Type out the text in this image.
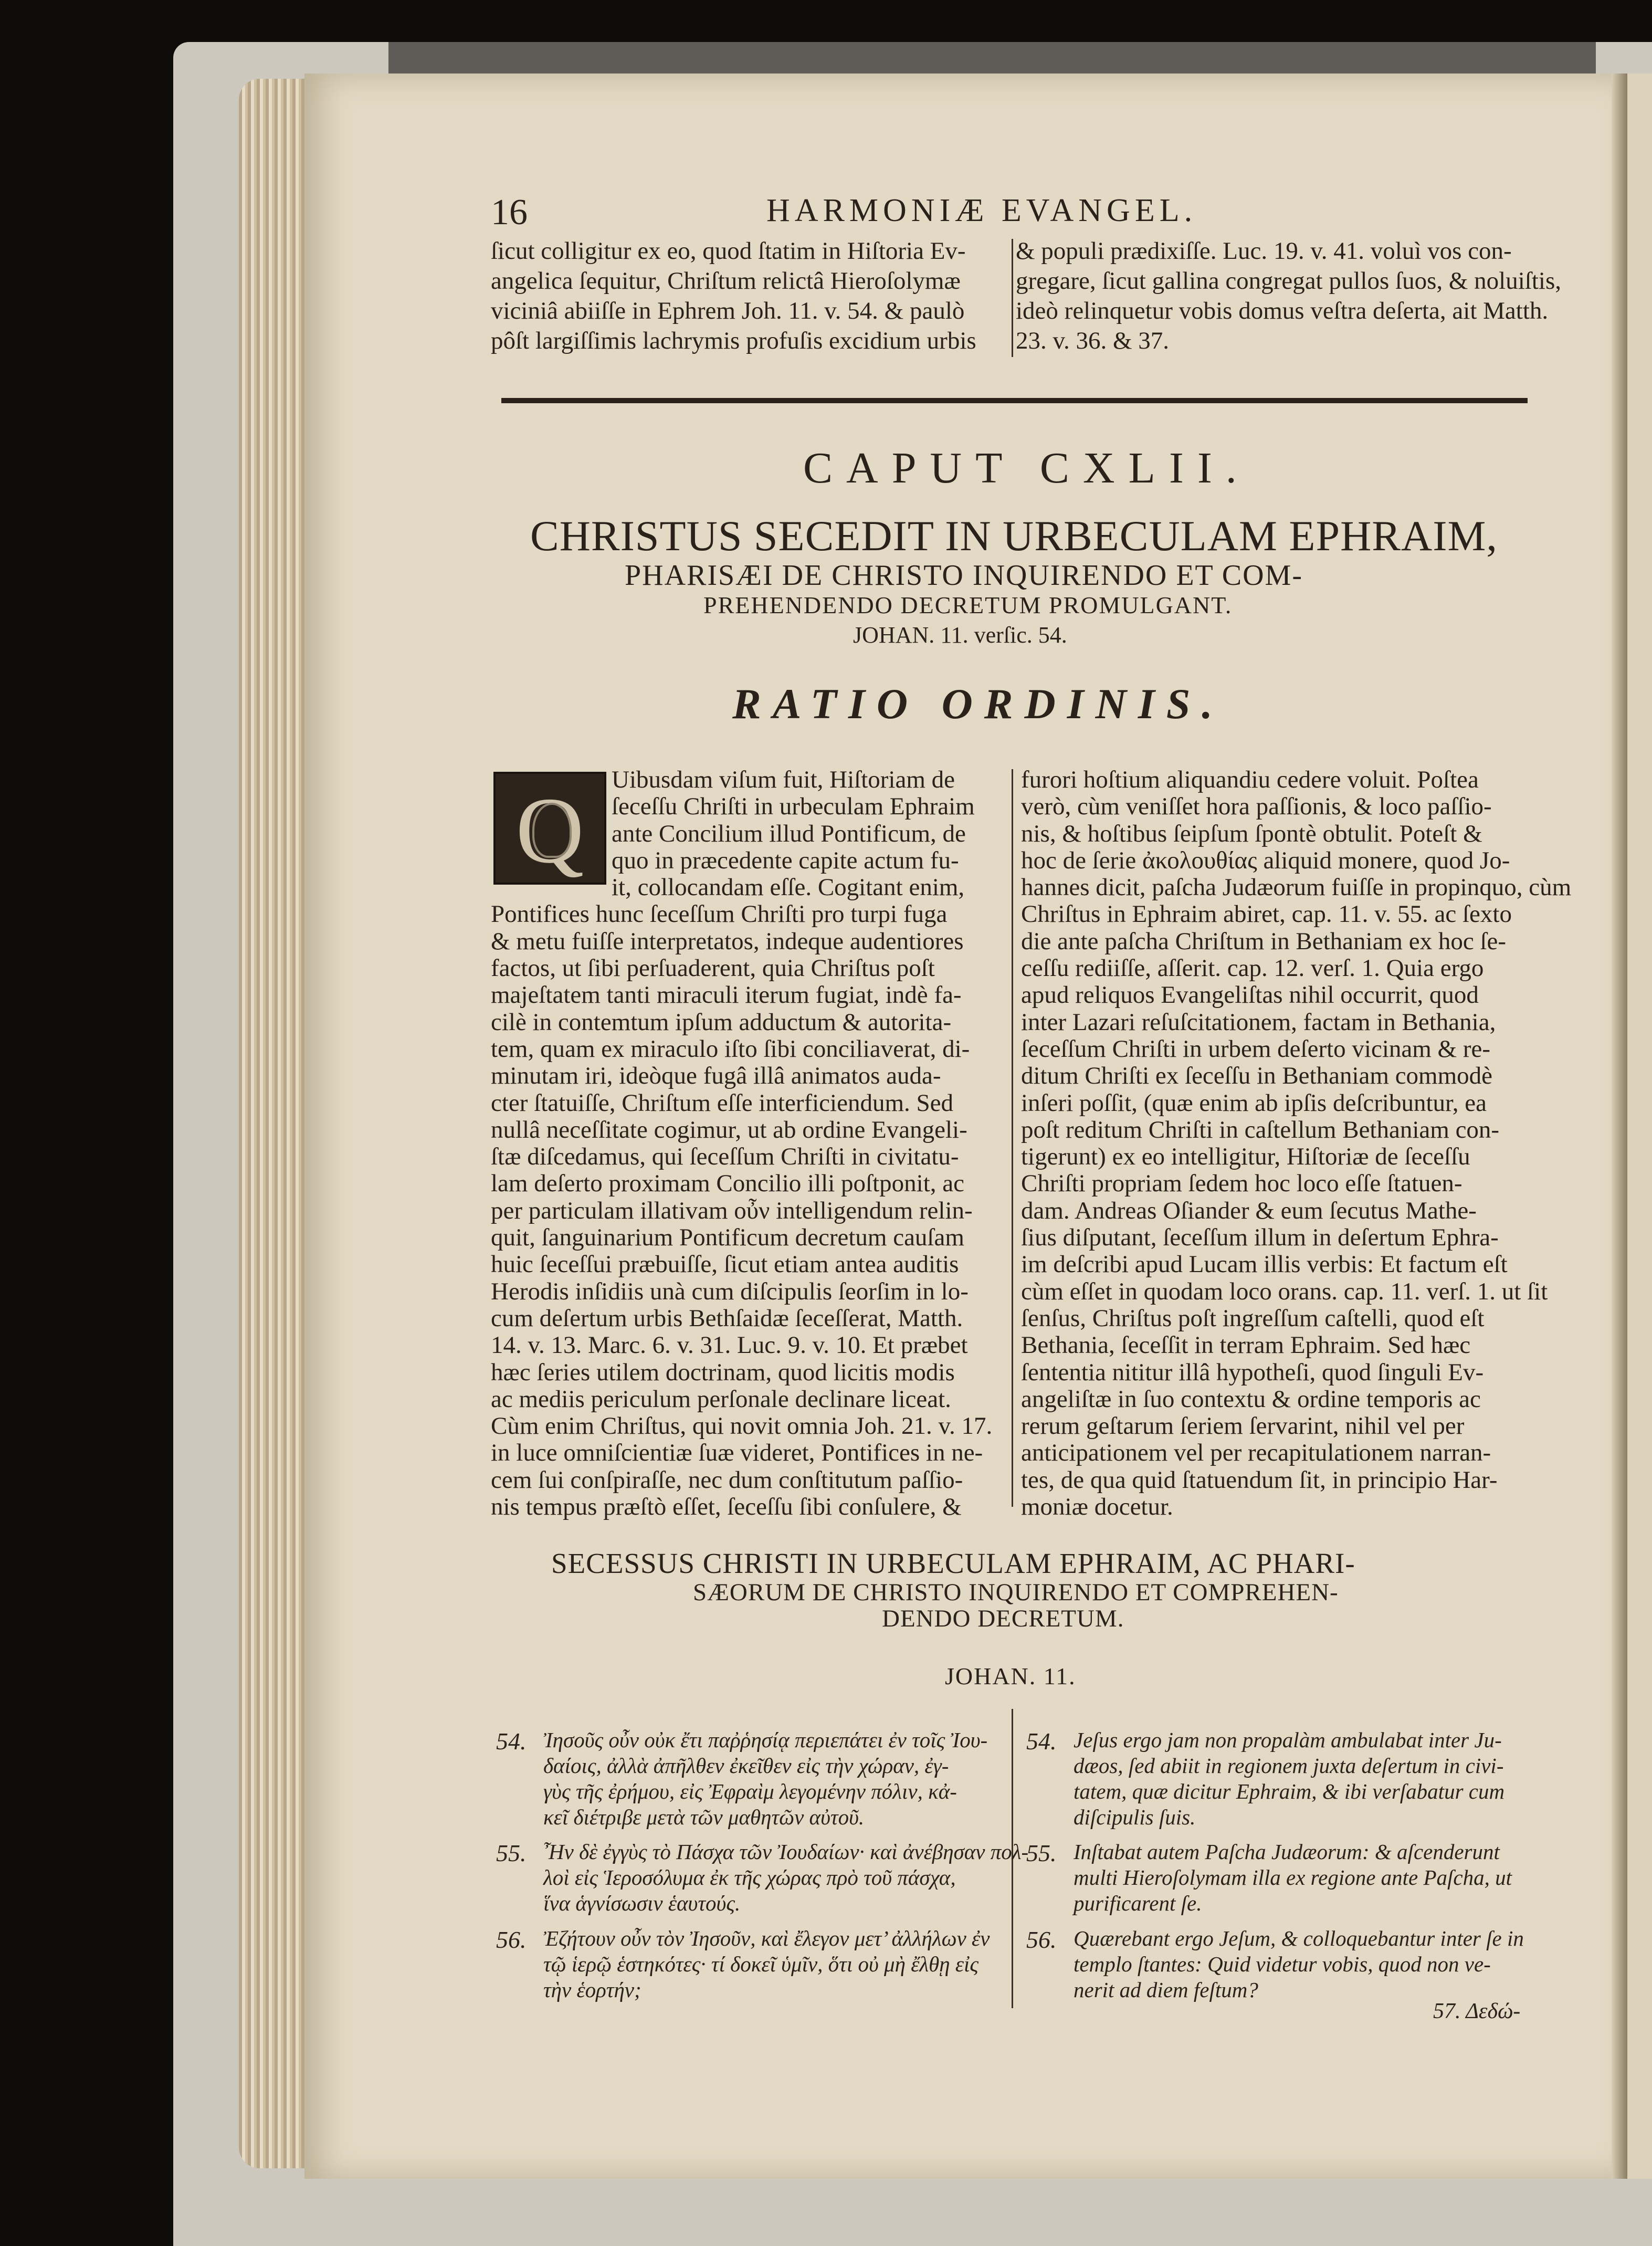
16	HARMONIÆ EVANGEL.
ſicut colligitur ex eo, quod ſtatim in Hiſtoria Ev-
angelica ſequitur, Chriſtum relictâ Hieroſolymæ
viciniâ abiiſſe in Ephrem Joh. 11. v. 54. & paulò
pôſt largiſſimis lachrymis profuſis excidium urbis
& populi prædixiſſe. Luc. 19. v. 41. voluì vos con-
gregare, ſicut gallina congregat pullos ſuos, & noluiſtis,
ideò relinquetur vobis domus veſtra deſerta, ait Matth.
23. v. 36. & 37.
CAPUT CXLII.
CHRISTUS SECEDIT IN URBECULAM EPHRAIM,
PHARISÆI DE CHRISTO INQUIRENDO ET COM-
PREHENDENDO DECRETUM PROMULGANT.
JOHAN. 11. verſic. 54.
RATIO ORDINIS.
Q	Uibusdam viſum fuit, Hiſtoriam de
ſeceſſu Chriſti in urbeculam Ephraim
ante Concilium illud Pontificum, de
quo in præcedente capite actum fu-
it, collocandam eſſe. Cogitant enim,
Pontifices hunc ſeceſſum Chriſti pro turpi fuga
& metu fuiſſe interpretatos, indeque audentiores
factos, ut ſibi perſuaderent, quia Chriſtus poſt
majeſtatem tanti miraculi iterum fugiat, indè fa-
cilè in contemtum ipſum adductum & autorita-
tem, quam ex miraculo iſto ſibi conciliaverat, di-
minutam iri, ideòque fugâ illâ animatos auda-
cter ſtatuiſſe, Chriſtum eſſe interficiendum. Sed
nullâ neceſſitate cogimur, ut ab ordine Evangeli-
ſtæ diſcedamus, qui ſeceſſum Chriſti in civitatu-
lam deſerto proximam Concilio illi poſtponit, ac
per particulam illativam οὖν intelligendum relin-
quit, ſanguinarium Pontificum decretum cauſam
huic ſeceſſui præbuiſſe, ſicut etiam antea auditis
Herodis inſidiis unà cum diſcipulis ſeorſim in lo-
cum deſertum urbis Bethſaidæ ſeceſſerat, Matth.
14. v. 13. Marc. 6. v. 31. Luc. 9. v. 10. Et præbet
hæc ſeries utilem doctrinam, quod licitis modis
ac mediis periculum perſonale declinare liceat.
Cùm enim Chriſtus, qui novit omnia Joh. 21. v. 17.
in luce omniſcientiæ ſuæ videret, Pontifices in ne-
cem ſui conſpiraſſe, nec dum conſtitutum paſſio-
nis tempus præſtò eſſet, ſeceſſu ſibi conſulere, &
furori hoſtium aliquandiu cedere voluit. Poſtea
verò, cùm veniſſet hora paſſionis, & loco paſſio-
nis, & hoſtibus ſeipſum ſpontè obtulit. Poteſt &
hoc de ſerie ἀκολουθίας aliquid monere, quod Jo-
hannes dicit, paſcha Judæorum fuiſſe in propinquo, cùm
Chriſtus in Ephraim abiret, cap. 11. v. 55. ac ſexto
die ante paſcha Chriſtum in Bethaniam ex hoc ſe-
ceſſu rediiſſe, aſſerit. cap. 12. verſ. 1. Quia ergo
apud reliquos Evangeliſtas nihil occurrit, quod
inter Lazari reſuſcitationem, factam in Bethania,
ſeceſſum Chriſti in urbem deſerto vicinam & re-
ditum Chriſti ex ſeceſſu in Bethaniam commodè
inſeri poſſit, (quæ enim ab ipſis deſcribuntur, ea
poſt reditum Chriſti in caſtellum Bethaniam con-
tigerunt) ex eo intelligitur, Hiſtoriæ de ſeceſſu
Chriſti propriam ſedem hoc loco eſſe ſtatuen-
dam. Andreas Oſiander & eum ſecutus Mathe-
ſius diſputant, ſeceſſum illum in deſertum Ephra-
im deſcribi apud Lucam illis verbis: Et factum eſt
cùm eſſet in quodam loco orans. cap. 11. verſ. 1. ut ſit
ſenſus, Chriſtus poſt ingreſſum caſtelli, quod eſt
Bethania, ſeceſſit in terram Ephraim. Sed hæc
ſententia nititur illâ hypotheſi, quod ſinguli Ev-
angeliſtæ in ſuo contextu & ordine temporis ac
rerum geſtarum ſeriem ſervarint, nihil vel per
anticipationem vel per recapitulationem narran-
tes, de qua quid ſtatuendum ſit, in principio Har-
moniæ docetur.
SECESSUS CHRISTI IN URBECULAM EPHRAIM, AC PHARI-
SÆORUM DE CHRISTO INQUIRENDO ET COMPREHEN-
DENDO DECRETUM.
JOHAN. 11.
54. Ἰησοῦς οὖν οὐκ ἔτι παῤῥησίᾳ περιεπάτει ἐν τοῖς Ἰου-
δαίοις, ἀλλὰ ἀπῆλθεν ἐκεῖθεν εἰς τὴν χώραν, ἐγ-
γὺς τῆς ἐρήμου, εἰς Ἐφραὶμ λεγομένην πόλιν, κἀ-
κεῖ διέτριβε μετὰ τῶν μαθητῶν αὐτοῦ.
55. Ἦν δὲ ἐγγὺς τὸ Πάσχα τῶν Ἰουδαίων· καὶ ἀνέβησαν πολ-
λοὶ εἰς Ἱεροσόλυμα ἐκ τῆς χώρας πρὸ τοῦ πάσχα,
ἵνα ἁγνίσωσιν ἑαυτούς.
56. Ἐζήτουν οὖν τὸν Ἰησοῦν, καὶ ἔλεγον μετ’ ἀλλήλων ἐν
τῷ ἱερῷ ἑστηκότες· τί δοκεῖ ὑμῖν, ὅτι οὐ μὴ ἔλθῃ εἰς
τὴν ἑορτήν;
54. Jeſus ergo jam non propalàm ambulabat inter Ju-
dæos, ſed abiit in regionem juxta deſertum in civi-
tatem, quæ dicitur Ephraim, & ibi verſabatur cum
diſcipulis ſuis.
55. Inſtabat autem Paſcha Judæorum: & aſcenderunt
multi Hieroſolymam illa ex regione ante Paſcha, ut
purificarent ſe.
56. Quærebant ergo Jeſum, & colloquebantur inter ſe in
templo ſtantes: Quid videtur vobis, quod non ve-
nerit ad diem feſtum?
57. Δεδώ-
